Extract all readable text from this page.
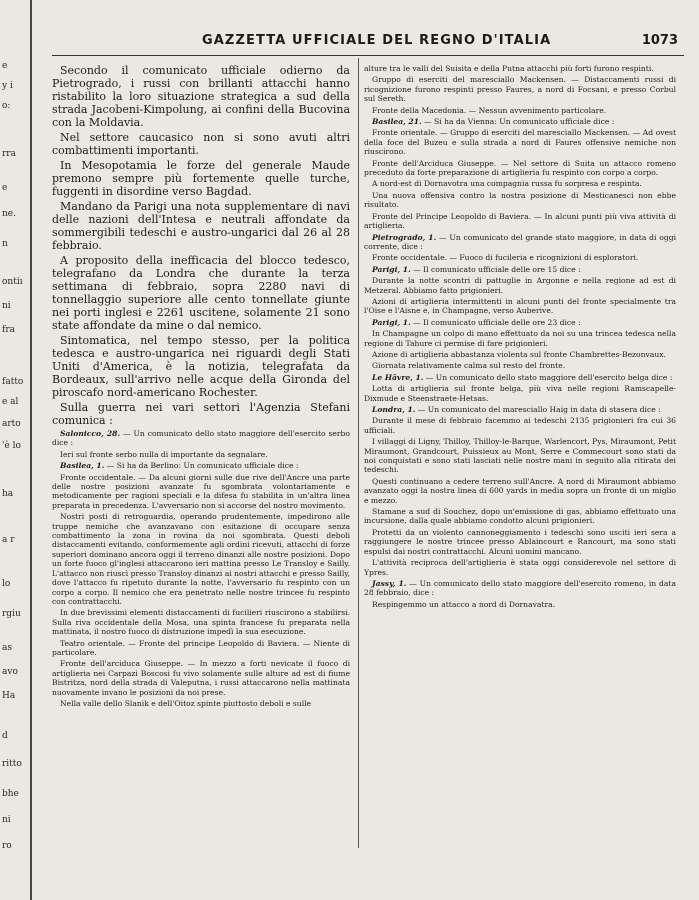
e
y i
o:
rra
e
ne.
n
ontiı
ni
fra
fatto
e al
arto
'è lo
ha
a r
lo
rgiu
as
avo
Ha
d
ritto
bhe
ni
ro
GAZZETTA UFFICIALE DEL REGNO D'ITALIA	1073

Secondo il comunicato ufficiale odierno da Pietrogrado, i russi con brillanti attacchi hanno ristabilito la loro situazione strategica a sud della strada Jacobeni-Kimpolung, ai confini della Bucovina con la Moldavia.

Nel settore caucasico non si sono avuti altri combattimenti importanti.

In Mesopotamia le forze del generale Maude premono sempre più fortemente quelle turche, fuggenti in disordine verso Bagdad.

Mandano da Parigi una nota supplementare di navi delle nazioni dell'Intesa e neutrali affondate da sommergibili tedeschi e austro-ungarici dal 26 al 28 febbraio.

A proposito della inefficacia del blocco tedesco, telegrafano da Londra che durante la terza settimana di febbraio, sopra 2280 navi di tonnellaggio superiore alle cento tonnellate giunte nei porti inglesi e 2261 uscitene, solamente 21 sono state affondate da mine o dal nemico.

Sintomatica, nel tempo stesso, per la politica tedesca e austro-ungarica nei riguardi degli Stati Uniti d'America, è la notizia, telegrafata da Bordeaux, sull'arrivo nelle acque della Gironda del piroscafo nord-americano Rochester.

Sulla guerra nei vari settori l'Agenzia Stefani comunica :

Salonicco, 28. — Un comunicato dello stato maggiore dell'esercito serbo dice :

Ieri sul fronte serbo nulla di importante da segnalare.

Basilea, 1. — Si ha da Berlino: Un comunicato ufficiale dice :

Fronte occidentale. — Da alcuni giorni sulle due rive dell'Ancre una parte delle nostre posizioni avanzate fu sgombrata volontariamente e metodicamente per ragioni speciali e la difesa fu stabilita in un'altra linea preparata in precedenza. L'avversario non si accorse del nostro movimento.

Nostri posti di retroguardia, operando prudentemente, impedirono alle truppe nemiche che avanzavano con esitazione di occupare senza combattimento la zona in rovina da noi sgombrata. Questi deboli distaccamenti evitando, conformemente agli ordini ricevuti, attacchi di forze superiori dominano ancora oggi il terreno dinanzi alle nostre posizioni. Dopo un forte fuoco gl'inglesi attaccarono ieri mattina presso Le Transloy e Sailly. L'attacco non riuscì presso Transloy dinanzi ai nostri attacchi e presso Sailly, dove l'attacco fu ripetuto durante la notte, l'avversario fu respinto con un corpo a corpo. Il nemico che era penetrato nelle nostre trincee fu respinto con contrattacchi.

In due brevissimi elementi distaccamenti di fucilieri riuscirono a stabilirsi. Sulla riva occidentale della Mosa, una spinta francese fu preparata nella mattinata, il nostro fuoco di distruzione impedì la sua esecuzione.

Teatro orientale. — Fronte del principe Leopoldo di Baviera. — Niente di particolare.

Fronte dell'arciduca Giuseppe. — In mezzo a forti nevicate il fuoco di artiglieria nei Carpazi Boscosi fu vivo solamente sulle alture ad est di fiume Bistritza, nord della strada di Valeputna, i russi attaccarono nella mattinata nuovamente invano le posizioni da noi prese.

Nella valle dello Slanik e dell'Oitoz spinte piuttosto deboli e sulle

alture tra le valli del Suisita e della Putna attacchi più forti furono respinti.

Gruppo di eserciti del maresciallo Mackensen. — Distaccamenti russi di ricognizione furono respinti presso Faures, a nord di Focsani, e presso Corbul sul Sereth.

Fronte della Macedonia. — Nessun avvenimento particolare.

Basilea, 21. — Si ha da Vienna: Un comunicato ufficiale dice :

Fronte orientale. — Gruppo di eserciti del maresciallo Mackensen. — Ad ovest della foce del Buzeu e sulla strada a nord di Faures offensive nemiche non riuscirono.

Fronte dell'Arciduca Giuseppe. — Nel settore di Suita un attacco romeno preceduto da forte preparazione di artiglieria fu respinto con corpo a corpo.

A nord-est di Dornavotra una compagnia russa fu sorpresa e respinta.

Una nuova offensiva contro la nostra posizione di Mesticanesci non ebbe risultato.

Fronte del Principe Leopoldo di Baviera. — In alcuni punti più viva attività di artiglieria.

Pietrogrado, 1. — Un comunicato del grande stato maggiore, in data di oggi corrente, dice :

Fronte occidentale. — Fuoco di fucileria e ricognizioni di esploratori.

Parigi, 1. — Il comunicato ufficiale delle ore 15 dice :

Durante la notte scontri di pattuglie in Argonne e nella regione ad est di Metzeral. Abbiamo fatto prigionieri.

Azioni di artiglieria intermittenti in alcuni punti del fronte specialmente tra l'Oise e l'Aisne e, in Champagne, verso Auberive.

Parigi, 1. — Il comunicato ufficiale delle ore 23 dice :

In Champagne un colpo di mano effettuato da noi su una trincea tedesca nella regione di Tahure ci permise di fare prigionieri.

Azione di artiglieria abbastanza violenta sul fronte Chambrettes-Bezonvaux.

Giornata relativamente calma sul resto del fronte.

Le Hâvre, 1. — Un comunicato dello stato maggiore dell'esercito belga dice :

Lotta di artiglieria sul fronte belga, più viva nelle regioni Ramscapelle-Dixmude e Steenstraete-Hetsas.

Londra, 1. — Un comunicato del maresciallo Haig in data di stasera dice :

Durante il mese di febbraio facemmo ai tedeschi 2135 prigionieri fra cui 36 ufficiali.

I villaggi di Ligny, Thilloy, Thilloy-le-Barque, Warlencort, Pys, Miraumont, Petit Miraumont, Grandcourt, Puissieux au Mont, Serre e Commecourt sono stati da noi conquistati e sono stati lasciati nelle nostre mani in seguito alla ritirata dei tedeschi.

Questi continuano a cedere terreno sull'Ancre. A nord di Miraumont abbiamo avanzato oggi la nostra linea di 600 yards in media sopra un fronte di un miglio e mezzo.

Stamane a sud di Souchez, dopo un'emissione di gas, abbiamo effettuato una incursione, dalla quale abbiamo condotto alcuni prigionieri.

Protetti da un violento cannoneggiamento i tedeschi sono usciti ieri sera a raggiungere le nostre trincee presso Ablaincourt e Rancourt, ma sono stati espulsi dai nostri contrattacchi. Alcuni uomini mancano.

L'attività reciproca dell'artiglieria è stata oggi considerevole nel settore di Ypres.

Jassy, 1. — Un comunicato dello stato maggiore dell'esercito romeno, in data 28 febbraio, dice :

Respingemmo un attacco a nord di Dornavatra.
